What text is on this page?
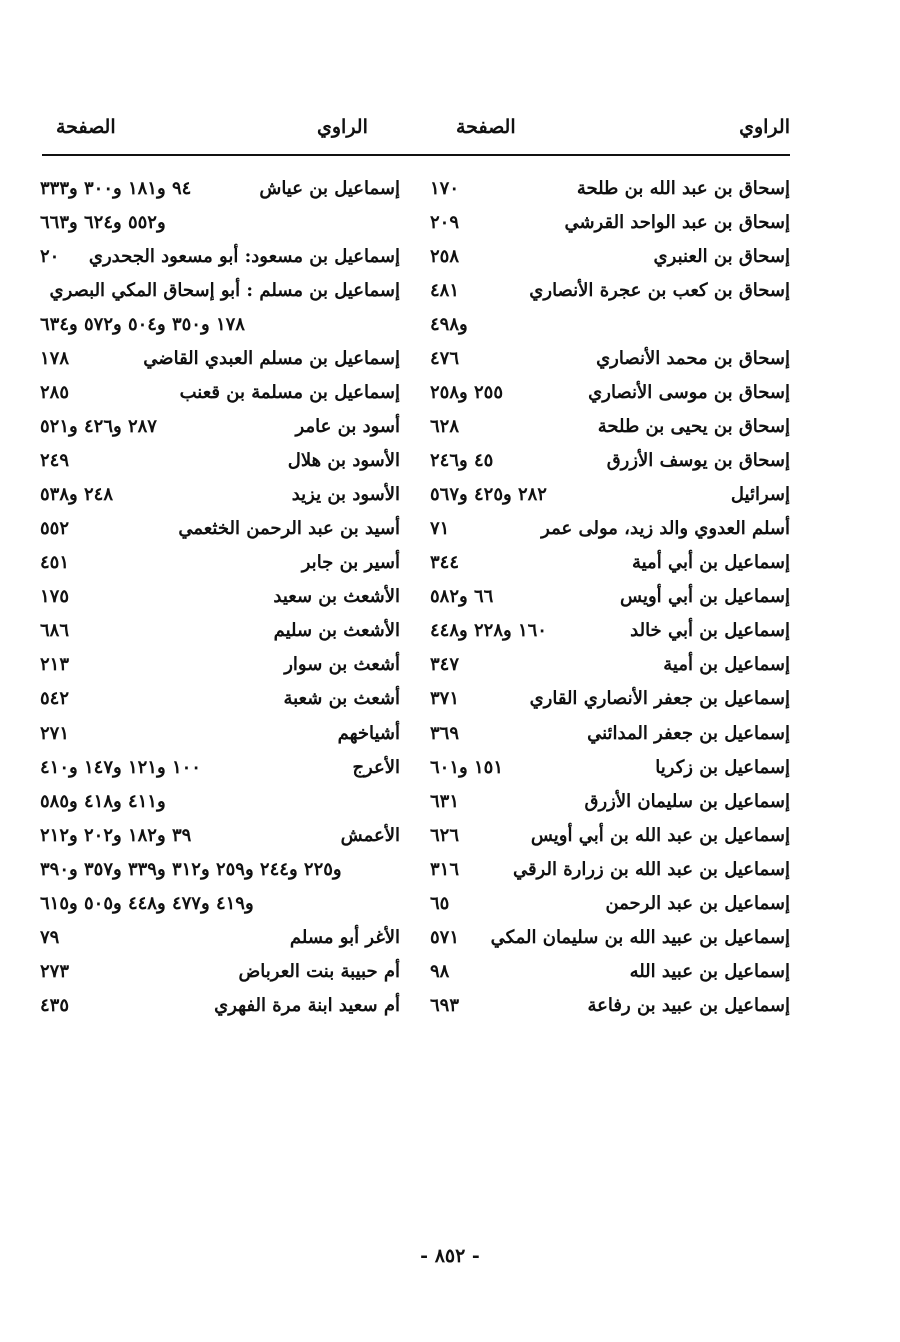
الراوي
الصفحة
الراوي
الصفحة
إسحاق بن عبد الله بن طلحة
١٧٠
إسحاق بن عبد الواحد القرشي
٢٠٩
إسحاق بن العنبري
٢٥٨
إسحاق بن كعب بن عجرة الأنصاري
٤٨١
و٤٩٨
إسحاق بن محمد الأنصاري
٤٧٦
إسحاق بن موسى الأنصاري
٢٥٥ و٢٥٨
إسحاق بن يحيى بن طلحة
٦٢٨
إسحاق بن يوسف الأزرق
٤٥ و٢٤٦
إسرائيل
٢٨٢ و٤٢٥ و٥٦٧
أسلم العدوي والد زيد، مولى عمر
٧١
إسماعيل بن أبي أمية
٣٤٤
إسماعيل بن أبي أويس
٦٦ و٥٨٢
إسماعيل بن أبي خالد
١٦٠ و٢٢٨ و٤٤٨
إسماعيل بن أمية
٣٤٧
إسماعيل بن جعفر الأنصاري القاري
٣٧١
إسماعيل بن جعفر المدائني
٣٦٩
إسماعيل بن زكريا
١٥١ و٦٠١
إسماعيل بن سليمان الأزرق
٦٣١
إسماعيل بن عبد الله بن أبي أويس
٦٢٦
إسماعيل بن عبد الله بن زرارة الرقي
٣١٦
إسماعيل بن عبد الرحمن
٦٥
إسماعيل بن عبيد الله بن سليمان المكي
٥٧١
إسماعيل بن عبيد الله
٩٨
إسماعيل بن عبيد بن رفاعة
٦٩٣
إسماعيل بن عياش
٩٤ و١٨١ و٣٠٠ و٣٣٣
و٥٥٢ و٦٢٤ و٦٦٣
إسماعيل بن مسعود: أبو مسعود الجحدري
٢٠
إسماعيل بن مسلم : أبو إسحاق المكي البصري
١٧٨ و٣٥٠ و٥٠٤ و٥٧٢ و٦٣٤
إسماعيل بن مسلم العبدي القاضي
١٧٨
إسماعيل بن مسلمة بن قعنب
٢٨٥
أسود بن عامر
٢٨٧ و٤٢٦ و٥٢١
الأسود بن هلال
٢٤٩
الأسود بن يزيد
٢٤٨ و٥٣٨
أسيد بن عبد الرحمن الخثعمي
٥٥٢
أسير بن جابر
٤٥١
الأشعث بن سعيد
١٧٥
الأشعث بن سليم
٦٨٦
أشعث بن سوار
٢١٣
أشعث بن شعبة
٥٤٢
أشياخهم
٢٧١
الأعرج
١٠٠ و١٢١ و١٤٧ و٤١٠
و٤١١ و٤١٨ و٥٨٥
الأعمش
٣٩ و١٨٢ و٢٠٢ و٢١٢
و٢٢٥ و٢٤٤ و٢٥٩ و٣١٢ و٣٣٩ و٣٥٧ و٣٩٠
و٤١٩ و٤٧٧ و٤٤٨ و٥٠٥ و٦١٥
الأغر أبو مسلم
٧٩
أم حبيبة بنت العرباض
٢٧٣
أم سعيد ابنة مرة الفهري
٤٣٥
- ٨٥٢ -
